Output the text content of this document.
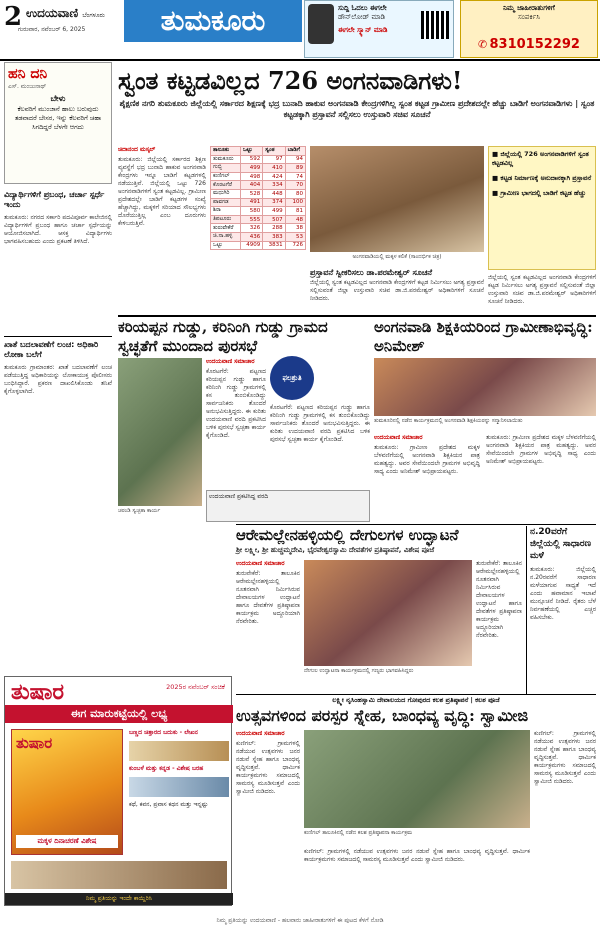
2 ಉದಯವಾಣಿ ಬೆಂಗಳೂರು
ಗುರುವಾರ, ನವೆಂಬರ್ 6, 2025	ತುಮಕೂರು	ಸುದ್ದಿ ಓದಲು ಈಗಲೇ
ಡೌನ್‌ಲೋಡ್ ಮಾಡಿ
ಈಗಲೇ ಸ್ಕ್ಯಾನ್ ಮಾಡಿ
ನಿಮ್ಮ ಜಾಹೀರಾತುಗಳಿಗೆ
ಸಂಪರ್ಕಿಸಿ
✆ 8310152292
ಹನಿ ದನಿ
ಎಸ್. ಮಂಜುನಾಥ್
ಬೇಳು
ಕೆಲವರಿಗೆ ಮುಂಜಾನೆ ಹಾಲು ಬರುವುದು ತಡವಾದರೆ ಬೇಸರ, ಇನ್ನು ಕೆಲವರಿಗೆ ಚಹಾ ಸಿಗದಿದ್ದರೆ ಬೆಳಗೇ ಆಗದು
ವಿದ್ಯಾರ್ಥಿಗಳಿಗೆ ಪ್ರಬಂಧ, ಚರ್ಚಾ ಸ್ಪರ್ಧೆ ಇಂದು
ತುಮಕೂರು: ನಗರದ ಸರ್ಕಾರಿ ಪದವಿಪೂರ್ವ ಕಾಲೇಜಿನಲ್ಲಿ ವಿದ್ಯಾರ್ಥಿಗಳಿಗೆ ಪ್ರಬಂಧ ಹಾಗೂ ಚರ್ಚಾ ಸ್ಪರ್ಧೆಯನ್ನು ಆಯೋಜಿಸಲಾಗಿದೆ. ಆಸಕ್ತ ವಿದ್ಯಾರ್ಥಿಗಳು ಭಾಗವಹಿಸಬಹುದು ಎಂದು ಪ್ರಕಟಣೆ ತಿಳಿಸಿದೆ.
ಖಾತೆ ಬದಲಾವಣೆಗೆ ಲಂಚ: ಅಧಿಕಾರಿ ಲೋಕಾ ಬಲೆಗೆ
ತುಮಕೂರು ಗ್ರಾಮಾಂತರ: ಖಾತೆ ಬದಲಾವಣೆಗೆ ಲಂಚ ಪಡೆಯುತ್ತಿದ್ದ ಅಧಿಕಾರಿಯನ್ನು ಲೋಕಾಯುಕ್ತ ಪೊಲೀಸರು ಬಂಧಿಸಿದ್ದಾರೆ. ಪ್ರಕರಣ ದಾಖಲಿಸಿಕೊಂಡು ತನಿಖೆ ಕೈಗೊಳ್ಳಲಾಗಿದೆ.
ಸ್ವಂತ ಕಟ್ಟಡವಿಲ್ಲದ 726 ಅಂಗನವಾಡಿಗಳು!
ಶೈಕ್ಷಣಿಕ ನಗರಿ ತುಮಕೂರು ಜಿಲ್ಲೆಯಲ್ಲಿ ಸರ್ಕಾರದ ಶಿಕ್ಷಣಕ್ಕೆ ಭದ್ರ ಬುನಾದಿ ಹಾಕುವ ಅಂಗನವಾಡಿ ಕೇಂದ್ರಗಳಿಗಿಲ್ಲ ಸ್ವಂತ ಕಟ್ಟಡ ಗ್ರಾಮೀಣ ಪ್ರದೇಶದಲ್ಲೇ ಹೆಚ್ಚು ಬಾಡಿಗೆ ಅಂಗನವಾಡಿಗಳು | ಸ್ವಂತ ಕಟ್ಟಡಕ್ಕಾಗಿ ಪ್ರಸ್ತಾವನೆ ಸಲ್ಲಿಸಲು ಉಸ್ತುವಾರಿ ಸಚಿವ ಸೂಚನೆ
ಚಿದಾನಂದ ಮಸ್ಕಲ್
ತುಮಕೂರು: ಜಿಲ್ಲೆಯಲ್ಲಿ ಸರ್ಕಾರದ ಶಿಕ್ಷಣ ವ್ಯವಸ್ಥೆಗೆ ಭದ್ರ ಬುನಾದಿ ಹಾಕುವ ಅಂಗನವಾಡಿ ಕೇಂದ್ರಗಳು ಇನ್ನೂ ಬಾಡಿಗೆ ಕಟ್ಟಡಗಳಲ್ಲಿ ನಡೆಯುತ್ತಿವೆ. ಜಿಲ್ಲೆಯಲ್ಲಿ ಒಟ್ಟು 726 ಅಂಗನವಾಡಿಗಳಿಗೆ ಸ್ವಂತ ಕಟ್ಟಡವಿಲ್ಲ. ಗ್ರಾಮೀಣ ಪ್ರದೇಶದಲ್ಲೇ ಬಾಡಿಗೆ ಕಟ್ಟಡಗಳ ಸಂಖ್ಯೆ ಹೆಚ್ಚಾಗಿದ್ದು, ಮಕ್ಕಳಿಗೆ ಸರಿಯಾದ ಸೌಲಭ್ಯಗಳು ದೊರೆಯುತ್ತಿಲ್ಲ ಎಂಬ ದೂರುಗಳು ಕೇಳಿಬರುತ್ತಿವೆ.
ತಾಲೂಕು	ಒಟ್ಟು	ಸ್ವಂತ	ಬಾಡಿಗೆ
ತುಮಕೂರು	592	97	94
ಗುಬ್ಬಿ	499	410	89
ಕುಣಿಗಲ್	498	424	74
ಕೊರಟಗೆರೆ	404	334	70
ಮಧುಗಿರಿ	528	448	80
ಪಾವಗಡ	491	374	100
ಶಿರಾ	580	499	81
ತಿಪಟೂರು	555	507	48
ತುರುವೇಕೆರೆ	326	288	38
ಚಿ.ನಾ.ಹಳ್ಳಿ	436	383	53
ಒಟ್ಟು	4909	3831	726
ಅಂಗನವಾಡಿಯಲ್ಲಿ ಮಕ್ಕಳ ಕಲಿಕೆ (ಸಾಂದರ್ಭಿಕ ಚಿತ್ರ)
■ ಜಿಲ್ಲೆಯಲ್ಲಿ 726 ಅಂಗನವಾಡಿಗಳಿಗೆ ಸ್ವಂತ ಕಟ್ಟಡವಿಲ್ಲ
■ ಕಟ್ಟಡ ನಿರ್ಮಾಣಕ್ಕೆ ಅನುದಾನಕ್ಕಾಗಿ ಪ್ರಸ್ತಾವನೆ
■ ಗ್ರಾಮೀಣ ಭಾಗದಲ್ಲಿ ಬಾಡಿಗೆ ಕಟ್ಟಡ ಹೆಚ್ಚು
ಪ್ರಸ್ತಾವನೆ ಸ್ವೀಕರಿಸಲು ಡಾ.ಪರಮೇಶ್ವರ್ ಸೂಚನೆ
ಜಿಲ್ಲೆಯಲ್ಲಿ ಸ್ವಂತ ಕಟ್ಟಡವಿಲ್ಲದ ಅಂಗನವಾಡಿ ಕೇಂದ್ರಗಳಿಗೆ ಕಟ್ಟಡ ನಿರ್ಮಿಸಲು ಅಗತ್ಯ ಪ್ರಸ್ತಾವನೆ ಸಲ್ಲಿಸುವಂತೆ ಜಿಲ್ಲಾ ಉಸ್ತುವಾರಿ ಸಚಿವ ಡಾ.ಜಿ.ಪರಮೇಶ್ವರ್ ಅಧಿಕಾರಿಗಳಿಗೆ ಸೂಚನೆ ನೀಡಿದರು.
ಜಿಲ್ಲೆಯಲ್ಲಿ ಸ್ವಂತ ಕಟ್ಟಡವಿಲ್ಲದ ಅಂಗನವಾಡಿ ಕೇಂದ್ರಗಳಿಗೆ ಕಟ್ಟಡ ನಿರ್ಮಿಸಲು ಅಗತ್ಯ ಪ್ರಸ್ತಾವನೆ ಸಲ್ಲಿಸುವಂತೆ ಜಿಲ್ಲಾ ಉಸ್ತುವಾರಿ ಸಚಿವ ಡಾ.ಜಿ.ಪರಮೇಶ್ವರ್ ಅಧಿಕಾರಿಗಳಿಗೆ ಸೂಚನೆ ನೀಡಿದರು.
ಕರಿಯಪ್ಪನ ಗುಡ್ಡು, ಕರಿನಿಂಗಿ ಗುಡ್ಡು ಗ್ರಾಮದ ಸ್ವಚ್ಛತೆಗೆ ಮುಂದಾದ ಪುರಸಭೆ
ಚರಂಡಿ ಸ್ವಚ್ಛತಾ ಕಾರ್ಯ
ಉದಯವಾಣಿ ಸಮಾಚಾರ
ಕೊರಟಗೆರೆ: ಪಟ್ಟಣದ ಕರಿಯಪ್ಪನ ಗುಡ್ಡು ಹಾಗೂ ಕರಿನಿಂಗಿ ಗುಡ್ಡು ಗ್ರಾಮಗಳಲ್ಲಿ ಕಸ ತುಂಬಿಕೊಂಡಿದ್ದು ಸಾರ್ವಜನಿಕರು ತೊಂದರೆ ಅನುಭವಿಸುತ್ತಿದ್ದರು. ಈ ಕುರಿತು ಉದಯವಾಣಿ ವರದಿ ಪ್ರಕಟಿಸಿದ ಬಳಿಕ ಪುರಸಭೆ ಸ್ವಚ್ಛತಾ ಕಾರ್ಯ ಕೈಗೊಂಡಿದೆ.
ಫಲಶ್ರುತಿ
ಕೊರಟಗೆರೆ: ಪಟ್ಟಣದ ಕರಿಯಪ್ಪನ ಗುಡ್ಡು ಹಾಗೂ ಕರಿನಿಂಗಿ ಗುಡ್ಡು ಗ್ರಾಮಗಳಲ್ಲಿ ಕಸ ತುಂಬಿಕೊಂಡಿದ್ದು ಸಾರ್ವಜನಿಕರು ತೊಂದರೆ ಅನುಭವಿಸುತ್ತಿದ್ದರು. ಈ ಕುರಿತು ಉದಯವಾಣಿ ವರದಿ ಪ್ರಕಟಿಸಿದ ಬಳಿಕ ಪುರಸಭೆ ಸ್ವಚ್ಛತಾ ಕಾರ್ಯ ಕೈಗೊಂಡಿದೆ.
ಉದಯವಾಣಿ ಪ್ರಕಟಿಸಿದ್ದ ವರದಿ
ಅಂಗನವಾಡಿ ಶಿಕ್ಷಕಿಯರಿಂದ ಗ್ರಾಮೀಣಾಭಿವೃದ್ಧಿ: ಅನಿಮೇಶ್
ತುಮಕೂರಿನಲ್ಲಿ ನಡೆದ ಕಾರ್ಯಕ್ರಮದಲ್ಲಿ ಅಂಗನವಾಡಿ ಶಿಕ್ಷಕಿಯರನ್ನು ಸನ್ಮಾನಿಸಲಾಯಿತು
ಉದಯವಾಣಿ ಸಮಾಚಾರ
ತುಮಕೂರು: ಗ್ರಾಮೀಣ ಪ್ರದೇಶದ ಮಕ್ಕಳ ಬೆಳವಣಿಗೆಯಲ್ಲಿ ಅಂಗನವಾಡಿ ಶಿಕ್ಷಕಿಯರ ಪಾತ್ರ ಮಹತ್ವದ್ದು. ಅವರ ಸೇವೆಯಿಂದಲೇ ಗ್ರಾಮಗಳ ಅಭಿವೃದ್ಧಿ ಸಾಧ್ಯ ಎಂದು ಅನಿಮೇಶ್ ಅಭಿಪ್ರಾಯಪಟ್ಟರು.
ತುಮಕೂರು: ಗ್ರಾಮೀಣ ಪ್ರದೇಶದ ಮಕ್ಕಳ ಬೆಳವಣಿಗೆಯಲ್ಲಿ ಅಂಗನವಾಡಿ ಶಿಕ್ಷಕಿಯರ ಪಾತ್ರ ಮಹತ್ವದ್ದು. ಅವರ ಸೇವೆಯಿಂದಲೇ ಗ್ರಾಮಗಳ ಅಭಿವೃದ್ಧಿ ಸಾಧ್ಯ ಎಂದು ಅನಿಮೇಶ್ ಅಭಿಪ್ರಾಯಪಟ್ಟರು.
ಆರೇಮಲ್ಲೇನಹಳ್ಳಿಯಲ್ಲಿ ದೇಗುಲಗಳ ಉದ್ಘಾಟನೆ
ಶ್ರೀ ಲಕ್ಷ್ಮೀ, ಶ್ರೀ ಹುಚ್ಚಮ್ಮದೇವಿ, ಭೈರವೇಶ್ವರಸ್ವಾಮಿ ದೇವತೆಗಳ ಪ್ರತಿಷ್ಠಾಪನೆ, ವಿಶೇಷ ಪೂಜೆ
ಉದಯವಾಣಿ ಸಮಾಚಾರ
ತುರುವೇಕೆರೆ: ತಾಲೂಕಿನ ಆರೇಮಲ್ಲೇನಹಳ್ಳಿಯಲ್ಲಿ ನೂತನವಾಗಿ ನಿರ್ಮಿಸಿರುವ ದೇವಾಲಯಗಳ ಉದ್ಘಾಟನೆ ಹಾಗೂ ದೇವತೆಗಳ ಪ್ರತಿಷ್ಠಾಪನಾ ಕಾರ್ಯಕ್ರಮ ಅದ್ದೂರಿಯಾಗಿ ನೆರವೇರಿತು.
ದೇಗುಲ ಉದ್ಘಾಟನಾ ಕಾರ್ಯಕ್ರಮದಲ್ಲಿ ಗಣ್ಯರು ಭಾಗವಹಿಸಿದ್ದರು
ತುರುವೇಕೆರೆ: ತಾಲೂಕಿನ ಆರೇಮಲ್ಲೇನಹಳ್ಳಿಯಲ್ಲಿ ನೂತನವಾಗಿ ನಿರ್ಮಿಸಿರುವ ದೇವಾಲಯಗಳ ಉದ್ಘಾಟನೆ ಹಾಗೂ ದೇವತೆಗಳ ಪ್ರತಿಷ್ಠಾಪನಾ ಕಾರ್ಯಕ್ರಮ ಅದ್ದೂರಿಯಾಗಿ ನೆರವೇರಿತು.
ನ.20ವರೆಗೆ ಜಿಲ್ಲೆಯಲ್ಲಿ ಸಾಧಾರಣ ಮಳೆ
ತುಮಕೂರು: ಜಿಲ್ಲೆಯಲ್ಲಿ ನ.20ರವರೆಗೆ ಸಾಧಾರಣ ಮಳೆಯಾಗುವ ಸಾಧ್ಯತೆ ಇದೆ ಎಂದು ಹವಾಮಾನ ಇಲಾಖೆ ಮುನ್ಸೂಚನೆ ನೀಡಿದೆ. ರೈತರು ಬೆಳೆ ನಿರ್ವಹಣೆಯಲ್ಲಿ ಎಚ್ಚರ ವಹಿಸಬೇಕು.
ಲಕ್ಷ್ಮೀ ನೃಸಿಂಹಸ್ವಾಮಿ ದೇವಾಲಯದ ಗೋಪುರದ ಕಲಶ ಪ್ರತಿಷ್ಠಾಪನೆ | ಕಲಶ ಪೂಜೆ
ಉತ್ಸವಗಳಿಂದ ಪರಸ್ಪರ ಸ್ನೇಹ, ಬಾಂಧವ್ಯ ವೃದ್ಧಿ: ಸ್ವಾಮೀಜಿ
ಉದಯವಾಣಿ ಸಮಾಚಾರ
ಕುಣಿಗಲ್: ಗ್ರಾಮಗಳಲ್ಲಿ ನಡೆಯುವ ಉತ್ಸವಗಳು ಜನರ ನಡುವೆ ಸ್ನೇಹ ಹಾಗೂ ಬಾಂಧವ್ಯ ವೃದ್ಧಿಸುತ್ತವೆ. ಧಾರ್ಮಿಕ ಕಾರ್ಯಕ್ರಮಗಳು ಸಮಾಜದಲ್ಲಿ ಸಾಮರಸ್ಯ ಮೂಡಿಸುತ್ತವೆ ಎಂದು ಸ್ವಾಮೀಜಿ ನುಡಿದರು.
ಕುಣಿಗಲ್ ತಾಲೂಕಿನಲ್ಲಿ ನಡೆದ ಕಲಶ ಪ್ರತಿಷ್ಠಾಪನಾ ಕಾರ್ಯಕ್ರಮ
ಕುಣಿಗಲ್: ಗ್ರಾಮಗಳಲ್ಲಿ ನಡೆಯುವ ಉತ್ಸವಗಳು ಜನರ ನಡುವೆ ಸ್ನೇಹ ಹಾಗೂ ಬಾಂಧವ್ಯ ವೃದ್ಧಿಸುತ್ತವೆ. ಧಾರ್ಮಿಕ ಕಾರ್ಯಕ್ರಮಗಳು ಸಮಾಜದಲ್ಲಿ ಸಾಮರಸ್ಯ ಮೂಡಿಸುತ್ತವೆ ಎಂದು ಸ್ವಾಮೀಜಿ ನುಡಿದರು.
ಕುಣಿಗಲ್: ಗ್ರಾಮಗಳಲ್ಲಿ ನಡೆಯುವ ಉತ್ಸವಗಳು ಜನರ ನಡುವೆ ಸ್ನೇಹ ಹಾಗೂ ಬಾಂಧವ್ಯ ವೃದ್ಧಿಸುತ್ತವೆ. ಧಾರ್ಮಿಕ ಕಾರ್ಯಕ್ರಮಗಳು ಸಮಾಜದಲ್ಲಿ ಸಾಮರಸ್ಯ ಮೂಡಿಸುತ್ತವೆ ಎಂದು ಸ್ವಾಮೀಜಿ ನುಡಿದರು.
ತುಷಾರ	2025ರ ನವೆಂಬರ್ ಸಂಚಿಕೆ
ಈಗ ಮಾರುಕಟ್ಟೆಯಲ್ಲಿ ಲಭ್ಯ
ತುಷಾರ
ಮಕ್ಕಳ ದಿನಾಚರಣೆ ವಿಶೇಷ
ಬಣ್ಣದ ಚಿತ್ತಾರದ ಬದುಕು - ಲೇಖನ
ಕುಂಬಳೆ ಮತ್ತು ಕನ್ನಡ - ವಿಶೇಷ ಬರಹ
ಕಥೆ, ಕವನ, ಪ್ರವಾಸ ಕಥನ ಮತ್ತು ಇನ್ನಷ್ಟು
ನಿಮ್ಮ ಪ್ರತಿಯನ್ನು ಇಂದೇ ಕಾಯ್ದಿರಿಸಿ
ನಿಮ್ಮ ಪ್ರತಿಯನ್ನು ಉದಯವಾಣಿ - ಹಲವಾರು ಜಾಹೀರಾತುಗಳಿಗೆ ಈ ಪುಟದ ಕೆಳಗೆ ನೋಡಿ
